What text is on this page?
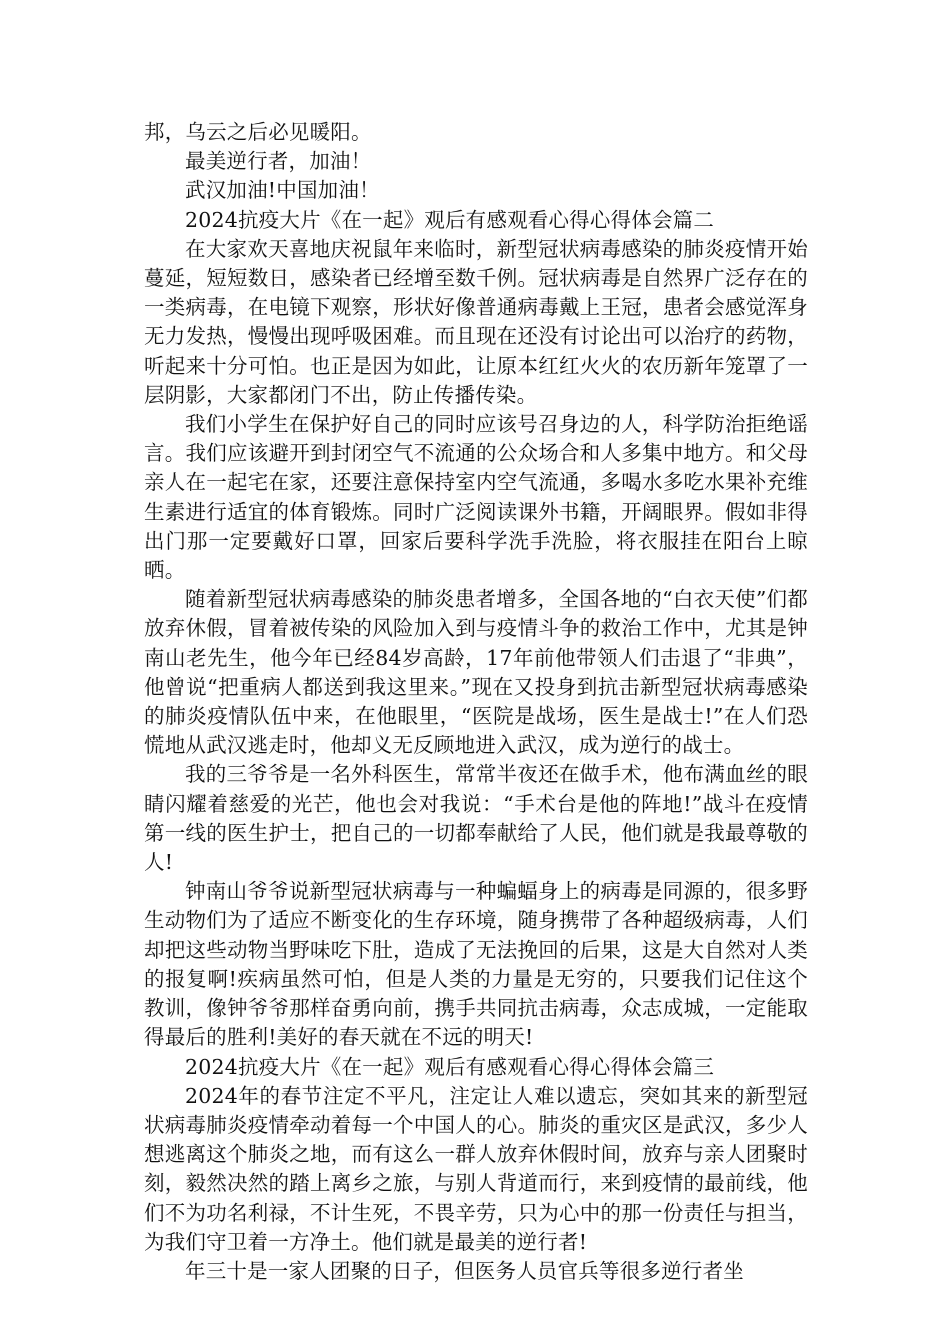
邦，乌云之后必见暖阳。

最美逆行者，加油！

武汉加油!中国加油！

2024抗疫大片《在一起》观后有感观看心得心得体会篇二

在大家欢天喜地庆祝鼠年来临时，新型冠状病毒感染的肺炎疫情开始蔓延，短短数日，感染者已经增至数千例。冠状病毒是自然界广泛存在的一类病毒，在电镜下观察，形状好像普通病毒戴上王冠，患者会感觉浑身无力发热，慢慢出现呼吸困难。而且现在还没有讨论出可以治疗的药物，听起来十分可怕。也正是因为如此，让原本红红火火的农历新年笼罩了一层阴影，大家都闭门不出，防止传播传染。

我们小学生在保护好自己的同时应该号召身边的人，科学防治拒绝谣言。我们应该避开到封闭空气不流通的公众场合和人多集中地方。和父母亲人在一起宅在家，还要注意保持室内空气流通，多喝水多吃水果补充维生素进行适宜的体育锻炼。同时广泛阅读课外书籍，开阔眼界。假如非得出门那一定要戴好口罩，回家后要科学洗手洗脸，将衣服挂在阳台上晾晒。

随着新型冠状病毒感染的肺炎患者增多，全国各地的“白衣天使”们都放弃休假，冒着被传染的风险加入到与疫情斗争的救治工作中，尤其是钟南山老先生，他今年已经84岁高龄，17年前他带领人们击退了“非典”，他曾说“把重病人都送到我这里来。”现在又投身到抗击新型冠状病毒感染的肺炎疫情队伍中来，在他眼里，“医院是战场，医生是战士!”在人们恐慌地从武汉逃走时，他却义无反顾地进入武汉，成为逆行的战士。

我的三爷爷是一名外科医生，常常半夜还在做手术，他布满血丝的眼睛闪耀着慈爱的光芒，他也会对我说：“手术台是他的阵地!”战斗在疫情第一线的医生护士，把自己的一切都奉献给了人民，他们就是我最尊敬的人!

钟南山爷爷说新型冠状病毒与一种蝙蝠身上的病毒是同源的，很多野生动物们为了适应不断变化的生存环境，随身携带了各种超级病毒，人们却把这些动物当野味吃下肚，造成了无法挽回的后果，这是大自然对人类的报复啊!疾病虽然可怕，但是人类的力量是无穷的，只要我们记住这个教训，像钟爷爷那样奋勇向前，携手共同抗击病毒，众志成城，一定能取得最后的胜利!美好的春天就在不远的明天!

2024抗疫大片《在一起》观后有感观看心得心得体会篇三

2024年的春节注定不平凡，注定让人难以遗忘，突如其来的新型冠状病毒肺炎疫情牵动着每一个中国人的心。肺炎的重灾区是武汉，多少人想逃离这个肺炎之地，而有这么一群人放弃休假时间，放弃与亲人团聚时刻，毅然决然的踏上离乡之旅，与别人背道而行，来到疫情的最前线，他们不为功名利禄，不计生死，不畏辛劳，只为心中的那一份责任与担当，为我们守卫着一方净土。他们就是最美的逆行者!

年三十是一家人团聚的日子，但医务人员官兵等很多逆行者坐
